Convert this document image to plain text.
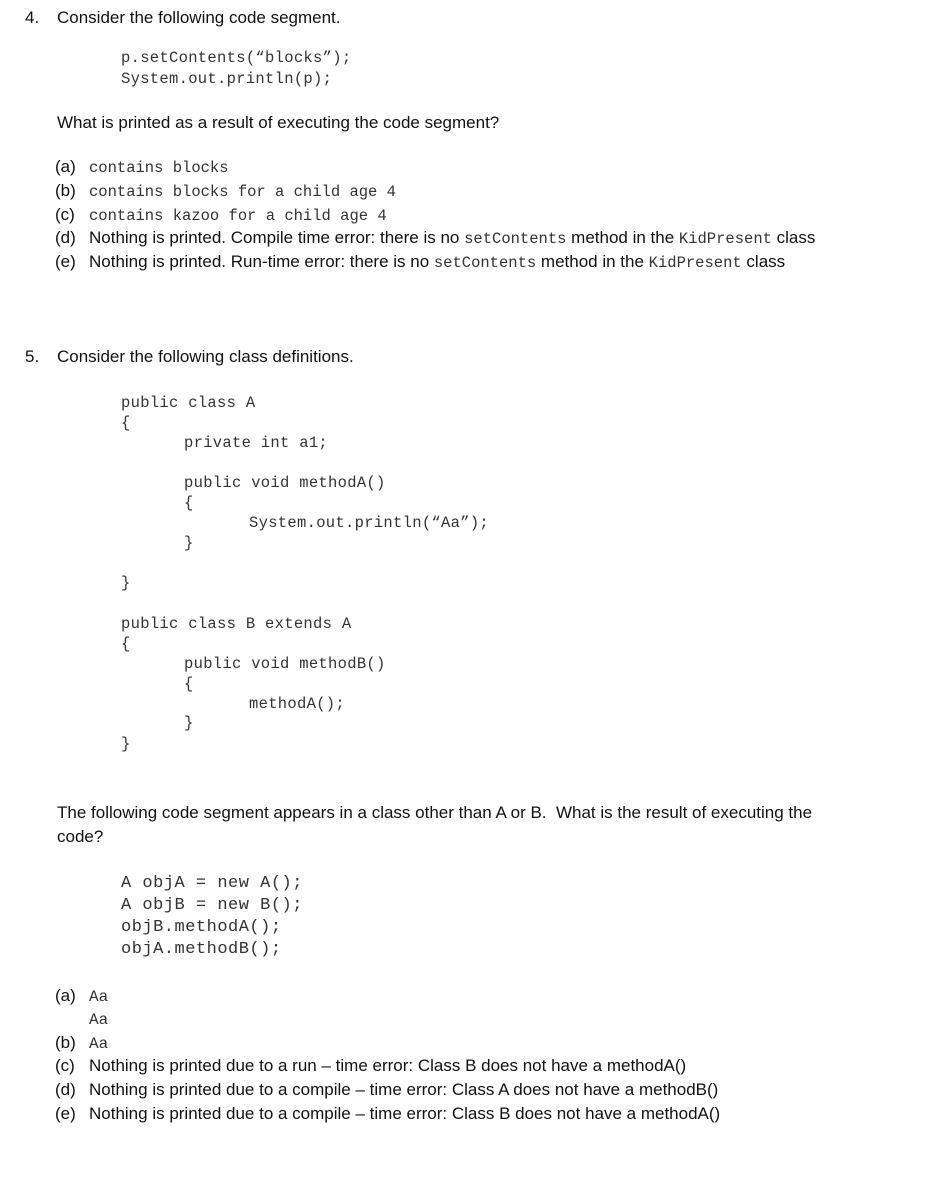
4. Consider the following code segment.
p.setContents(“blocks”);
System.out.println(p);
What is printed as a result of executing the code segment?
(a) contains blocks
(b) contains blocks for a child age 4
(c) contains kazoo for a child age 4
(d) Nothing is printed. Compile time error: there is no setContents method in the KidPresent class
(e) Nothing is printed. Run-time error: there is no setContents method in the KidPresent class
5. Consider the following class definitions.
public class A
{
private int a1;
public void methodA()
{
System.out.println(“Aa”);
}
}
public class B extends A
{
public void methodB()
{
methodA();
}
}
The following code segment appears in a class other than A or B.  What is the result of executing the
code?
A objA = new A();
A objB = new B();
objB.methodA();
objA.methodB();
(a) Aa
Aa
(b) Aa
(c) Nothing is printed due to a run – time error: Class B does not have a methodA()
(d) Nothing is printed due to a compile – time error: Class A does not have a methodB()
(e) Nothing is printed due to a compile – time error: Class B does not have a methodA()
